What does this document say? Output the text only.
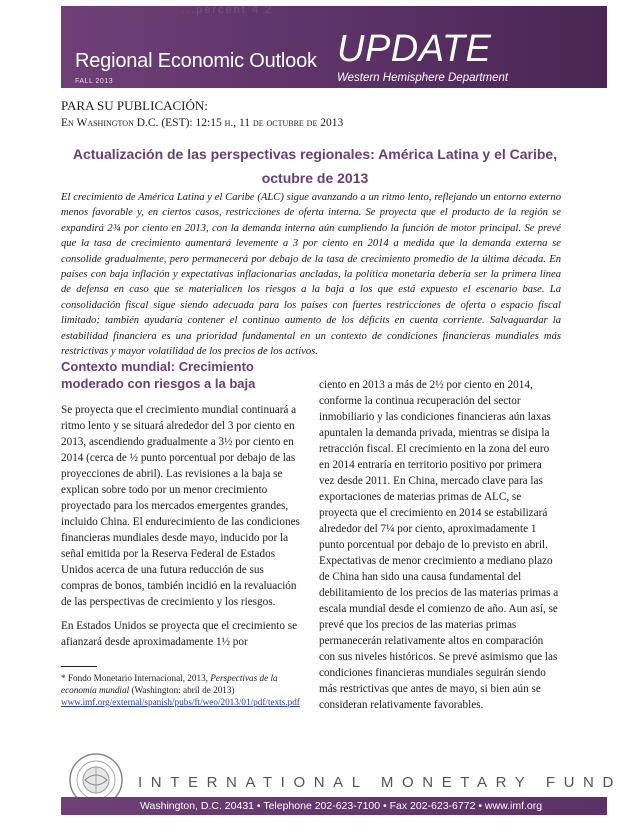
...percent 4 2
Regional Economic Outlook UPDATE
FALL 2013	Western Hemisphere Department
PARA SU PUBLICACIÓN:
En Washington D.C. (EST): 12:15 h., 11 de octubre de 2013
Actualización de las perspectivas regionales: América Latina y el Caribe, octubre de 2013
El crecimiento de América Latina y el Caribe (ALC) sigue avanzando a un ritmo lento, reflejando un entorno externo menos favorable y, en ciertos casos, restricciones de oferta interna. Se proyecta que el producto de la región se expandirá 2¾ por ciento en 2013, con la demanda interna aún cumpliendo la función de motor principal. Se prevé que la tasa de crecimiento aumentará levemente a 3 por ciento en 2014 a medida que la demanda externa se consolide gradualmente, pero permanecerá por debajo de la tasa de crecimiento promedio de la última década. En países con baja inflación y expectativas inflacionarias ancladas, la política monetaria debería ser la primera línea de defensa en caso que se materialicen los riesgos a la baja a los que está expuesto el escenario base. La consolidación fiscal sigue siendo adecuada para los países con fuertes restricciones de oferta o espacio fiscal limitado; también ayudaría contener el continuo aumento de los déficits en cuenta corriente. Salvaguardar la estabilidad financiera es una prioridad fundamental en un contexto de condiciones financieras mundiales más restrictivas y mayor volatilidad de los precios de los activos.
Contexto mundial: Crecimiento moderado con riesgos a la baja

Se proyecta que el crecimiento mundial continuará a ritmo lento y se situará alrededor del 3 por ciento en 2013, ascendiendo gradualmente a 3½ por ciento en 2014 (cerca de ½ punto porcentual por debajo de las proyecciones de abril). Las revisiones a la baja se explican sobre todo por un menor crecimiento proyectado para los mercados emergentes grandes, incluido China. El endurecimiento de las condiciones financieras mundiales desde mayo, inducido por la señal emitida por la Reserva Federal de Estados Unidos acerca de una futura reducción de sus compras de bonos, también incidió en la revaluación de las perspectivas de crecimiento y los riesgos.

En Estados Unidos se proyecta que el crecimiento se afianzará desde aproximadamente 1½ por

ciento en 2013 a más de 2½ por ciento en 2014, conforme la continua recuperación del sector inmobiliario y las condiciones financieras aún laxas apuntalen la demanda privada, mientras se disipa la retracción fiscal. El crecimiento en la zona del euro en 2014 entraría en territorio positivo por primera vez desde 2011. En China, mercado clave para las exportaciones de materias primas de ALC, se proyecta que el crecimiento en 2014 se estabilizará alrededor del 7¼ por ciento, aproximadamente 1 punto porcentual por debajo de lo previsto en abril. Expectativas de menor crecimiento a mediano plazo de China han sido una causa fundamental del debilitamiento de los precios de las materias primas a escala mundial desde el comienzo de año. Aun así, se prevé que los precios de las materias primas permanecerán relativamente altos en comparación con sus niveles históricos. Se prevé asimismo que las condiciones financieras mundiales seguirán siendo más restrictivas que antes de mayo, si bien aún se consideran relativamente favorables.

* Fondo Monetario Internacional, 2013, Perspectivas de la economía mundial (Washington: abril de 2013)
www.imf.org/external/spanish/pubs/ft/weo/2013/01/pdf/texts.pdf
INTERNATIONAL MONETARY FUND
Washington, D.C. 20431 • Telephone 202-623-7100 • Fax 202-623-6772 • www.imf.org
